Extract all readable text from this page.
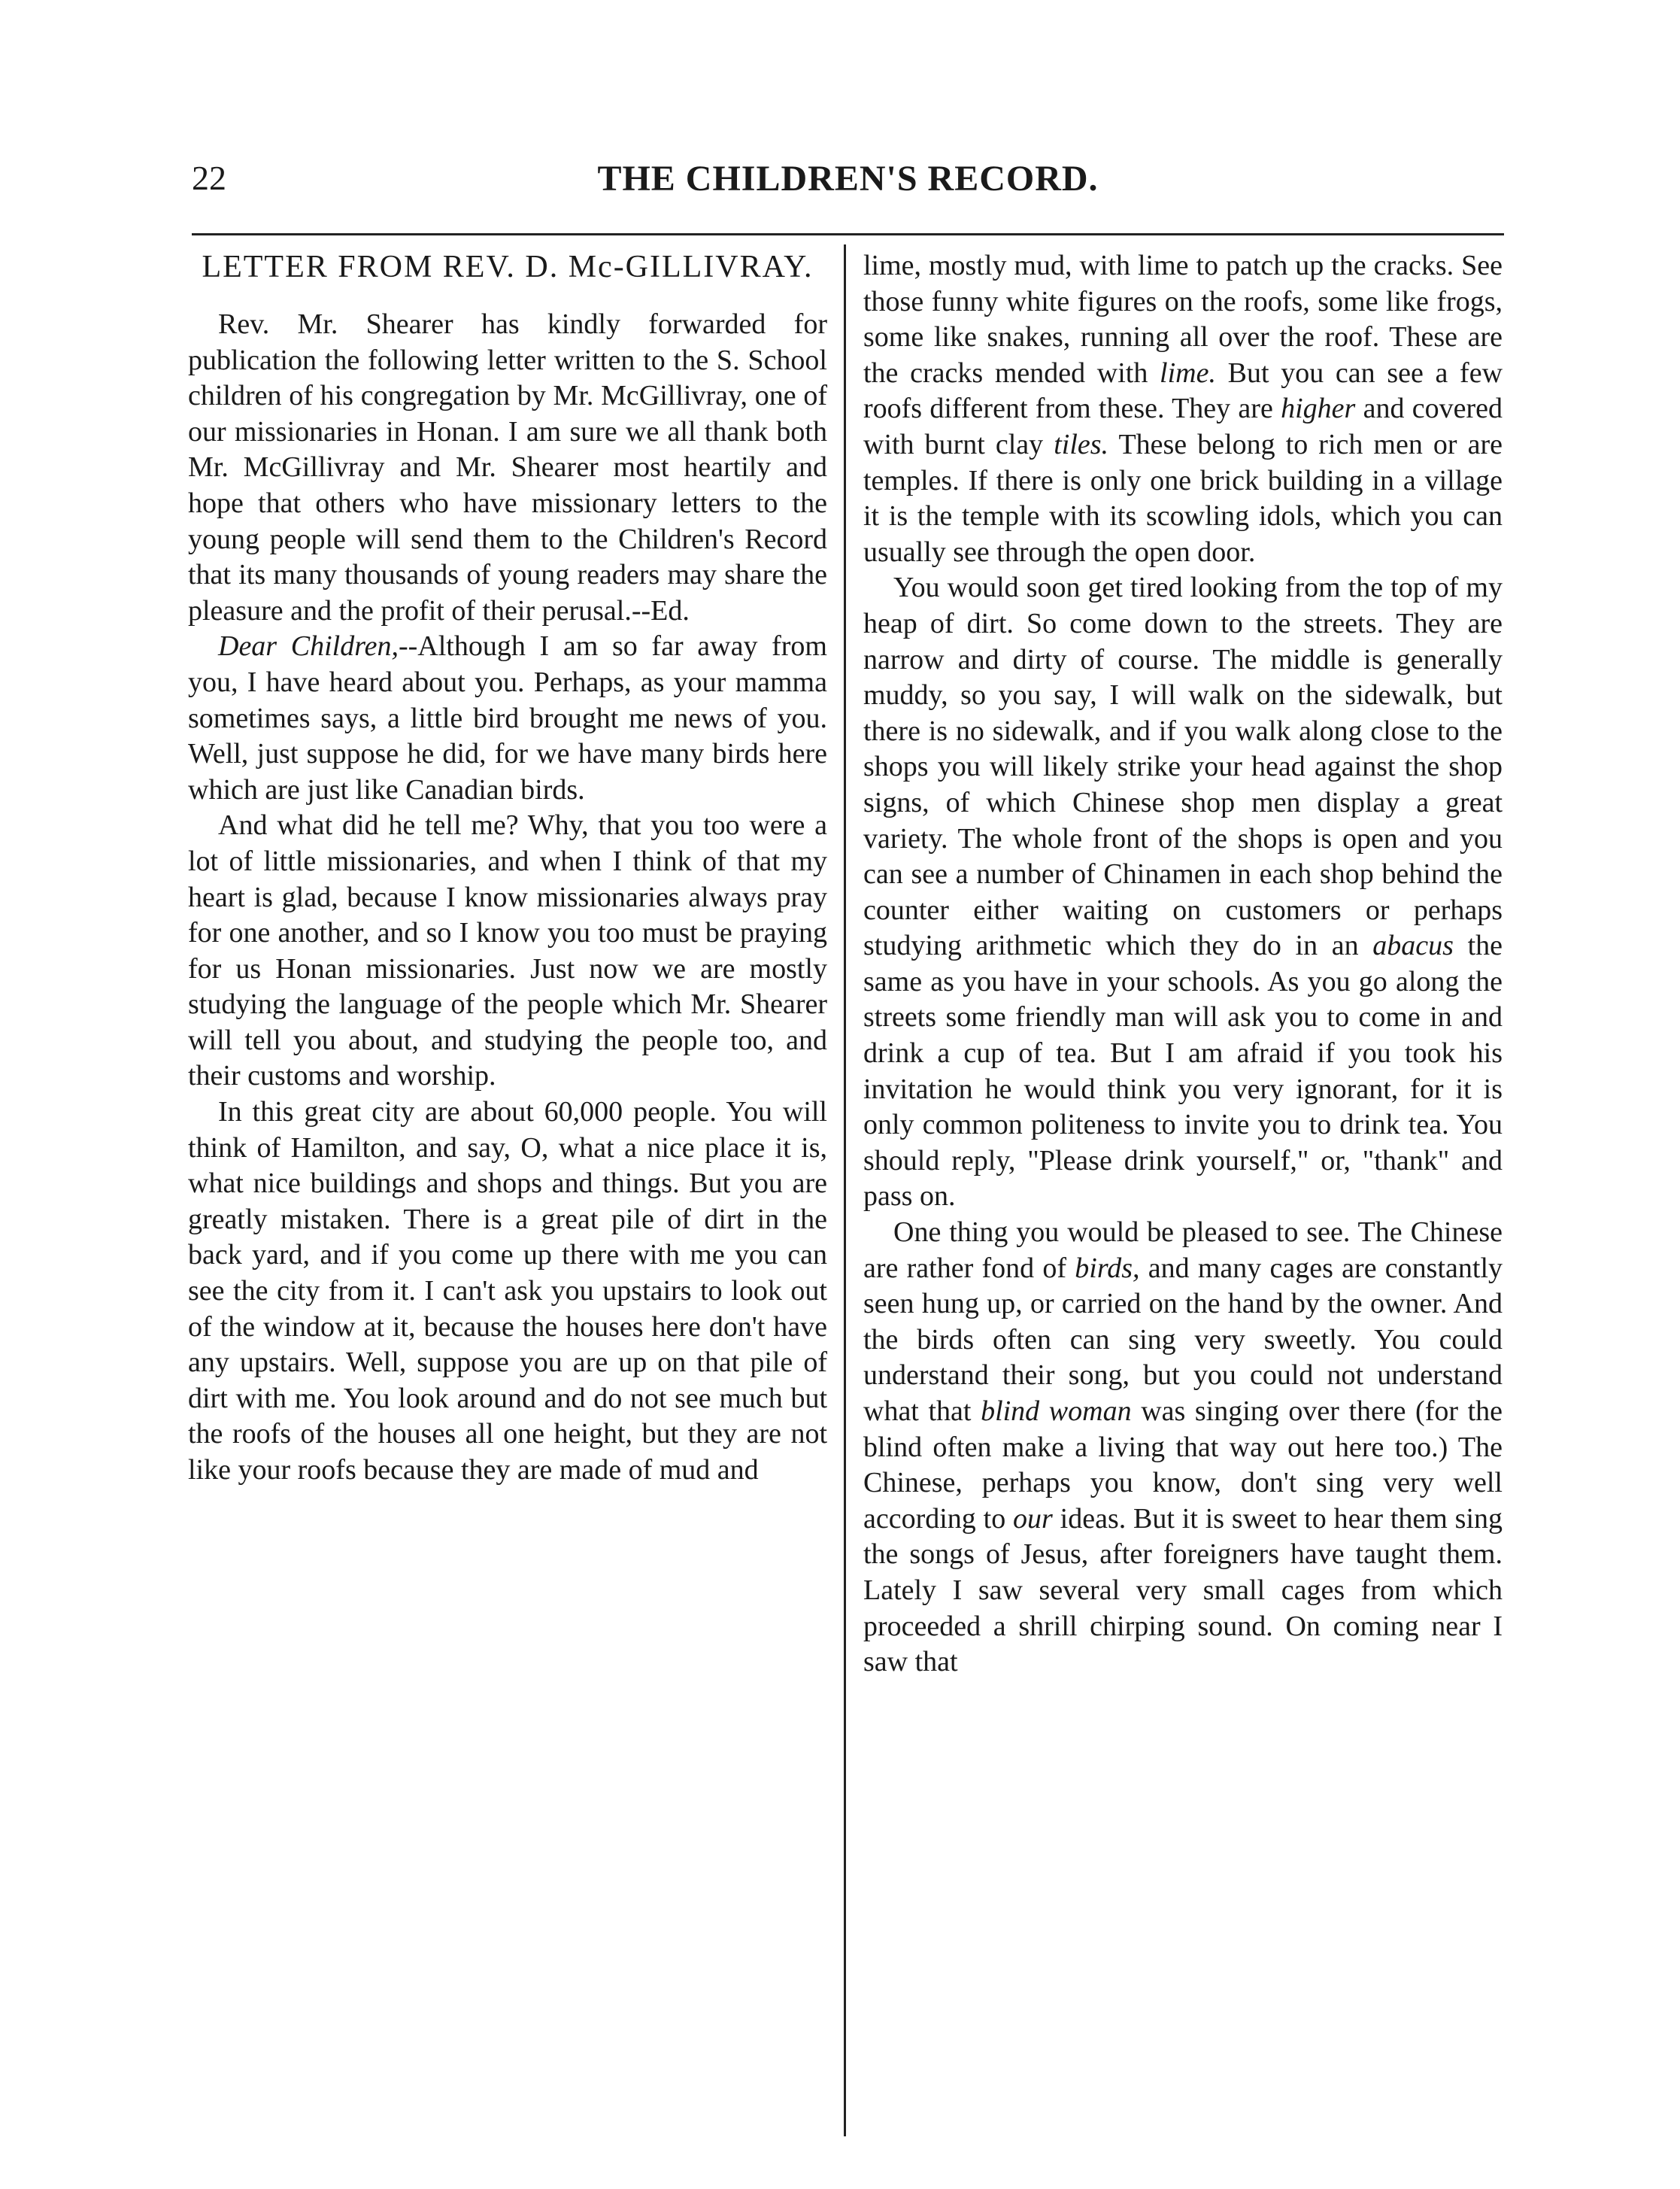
22	THE CHILDREN'S RECORD.
LETTER FROM REV. D. Mc-GILLIVRAY.

Rev. Mr. Shearer has kindly forwarded for publication the following letter written to the S. School children of his congregation by Mr. McGillivray, one of our missionaries in Honan. I am sure we all thank both Mr. McGillivray and Mr. Shearer most heartily and hope that others who have missionary letters to the young people will send them to the Children's Record that its many thousands of young readers may share the pleasure and the profit of their perusal.--Ed.

Dear Children,--Although I am so far away from you, I have heard about you. Perhaps, as your mamma sometimes says, a little bird brought me news of you. Well, just suppose he did, for we have many birds here which are just like Canadian birds.

And what did he tell me? Why, that you too were a lot of little missionaries, and when I think of that my heart is glad, because I know missionaries always pray for one another, and so I know you too must be praying for us Honan missionaries. Just now we are mostly studying the language of the people which Mr. Shearer will tell you about, and studying the people too, and their customs and worship.

In this great city are about 60,000 people. You will think of Hamilton, and say, O, what a nice place it is, what nice buildings and shops and things. But you are greatly mistaken. There is a great pile of dirt in the back yard, and if you come up there with me you can see the city from it. I can't ask you upstairs to look out of the window at it, because the houses here don't have any upstairs. Well, suppose you are up on that pile of dirt with me. You look around and do not see much but the roofs of the houses all one height, but they are not like your roofs because they are made of mud and

lime, mostly mud, with lime to patch up the cracks. See those funny white figures on the roofs, some like frogs, some like snakes, running all over the roof. These are the cracks mended with lime. But you can see a few roofs different from these. They are higher and covered with burnt clay tiles. These belong to rich men or are temples. If there is only one brick building in a village it is the temple with its scowling idols, which you can usually see through the open door.

You would soon get tired looking from the top of my heap of dirt. So come down to the streets. They are narrow and dirty of course. The middle is generally muddy, so you say, I will walk on the sidewalk, but there is no sidewalk, and if you walk along close to the shops you will likely strike your head against the shop signs, of which Chinese shop men display a great variety. The whole front of the shops is open and you can see a number of Chinamen in each shop behind the counter either waiting on customers or perhaps studying arithmetic which they do in an abacus the same as you have in your schools. As you go along the streets some friendly man will ask you to come in and drink a cup of tea. But I am afraid if you took his invitation he would think you very ignorant, for it is only common politeness to invite you to drink tea. You should reply, "Please drink yourself," or, "thank" and pass on.

One thing you would be pleased to see. The Chinese are rather fond of birds, and many cages are constantly seen hung up, or carried on the hand by the owner. And the birds often can sing very sweetly. You could understand their song, but you could not understand what that blind woman was singing over there (for the blind often make a living that way out here too.) The Chinese, perhaps you know, don't sing very well according to our ideas. But it is sweet to hear them sing the songs of Jesus, after foreigners have taught them. Lately I saw several very small cages from which proceeded a shrill chirping sound. On coming near I saw that
